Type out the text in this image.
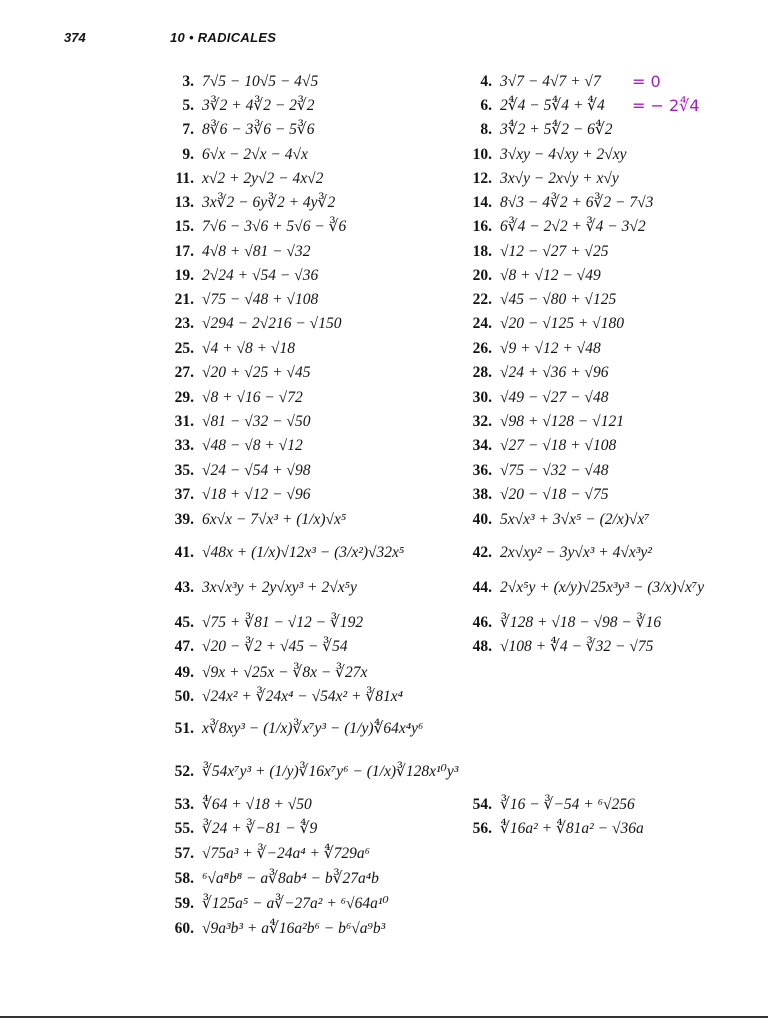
374	10 • RADICALES
3. 7√5 − 10√5 − 4√5
5. 3∛2 + 4∛2 − 2∛2
7. 8∛6 − 3∛6 − 5∛6
9. 6√x − 2√x − 4√x
11. x√2 + 2y√2 − 4x√2
13. 3x∛2 − 6y∛2 + 4y∛2
15. 7√6 − 3√6 + 5√6 − ∛6
17. 4√8 + √81 − √32
19. 2√24 + √54 − √36
21. √75 − √48 + √108
23. √294 − 2√216 − √150
25. √4 + √8 + √18
27. √20 + √25 + √45
29. √8 + √16 − √72
31. √81 − √32 − √50
33. √48 − √8 + √12
35. √24 − √54 + √98
37. √18 + √12 − √96
39. 6x√x − 7√x³ + (1/x)√x⁵
41. √48x + (1/x)√12x³ − (3/x²)√32x⁵
43. 3x√x³y + 2y√xy³ + 2√x⁵y
45. √75 + ∛81 − √12 − ∛192
47. √20 − ∛2 + √45 − ∛54
49. √9x + √25x − ∛8x − ∛27x
50. √24x² + ∛24x⁴ − √54x² + ∛81x⁴
51. x∛8xy³ − (1/x)∛x⁷y³ − (1/y)∜64x⁴y⁶
52. ∛54x⁷y³ + (1/y)∛16x⁷y⁶ − (1/x)∛128x¹⁰y³
53. ∜64 + √18 + √50
55. ∛24 + ∛−81 − ∜9
57. √75a³ + ∛−24a⁴ + ∜729a⁶
58. ⁶√a⁸b⁸ − a∛8ab⁴ − b∛27a⁴b
59. ∛125a⁵ − a∛−27a² + ⁶√64a¹⁰
60. √9a³b³ + a∜16a²b⁶ − b⁶√a⁹b³
4. 3√7 − 4√7 + √7
6. 2∜4 − 5∜4 + ∜4
8. 3∜2 + 5∜2 − 6∜2
10. 3√xy − 4√xy + 2√xy
12. 3x√y − 2x√y + x√y
14. 8√3 − 4∛2 + 6∛2 − 7√3
16. 6∛4 − 2√2 + ∛4 − 3√2
18. √12 − √27 + √25
20. √8 + √12 − √49
22. √45 − √80 + √125
24. √20 − √125 + √180
26. √9 + √12 + √48
28. √24 + √36 + √96
30. √49 − √27 − √48
32. √98 + √128 − √121
34. √27 − √18 + √108
36. √75 − √32 − √48
38. √20 − √18 − √75
40. 5x√x³ + 3√x⁵ − (2/x)√x⁷
42. 2x√xy² − 3y√x³ + 4√x³y²
44. 2√x⁵y + (x/y)√25x³y³ − (3/x)√x⁷y
46. ∛128 + √18 − √98 − ∛16
48. √108 + ∜4 − ∛32 − √75
54. ∛16 − ∛−54 + ⁶√256
56. ∜16a² + ∜81a² − √36a
= 0
= − 2∜4
